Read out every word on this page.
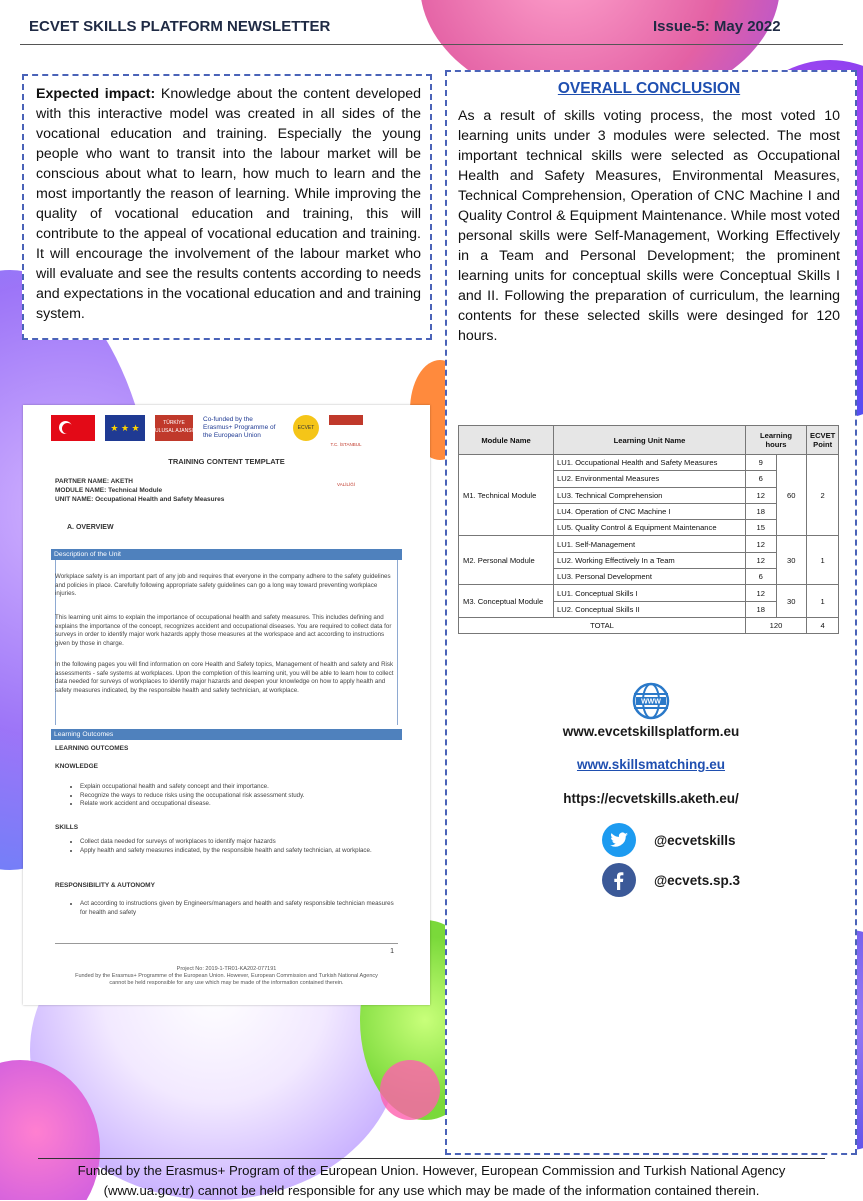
ECVET SKILLS PLATFORM NEWSLETTER	Issue-5: May 2022

Expected impact: Knowledge about the content developed with this interactive model was created in all sides of the vocational education and training. Especially the young people who want to transit into the labour market will be conscious about what to learn, how much to learn and the most importantly the reason of learning. While improving the quality of vocational education and training, this will contribute to the appeal of vocational education and training. It will encourage the involvement of the labour market who will evaluate and see the results contents according to needs and expectations in the vocational education and and training system.

OVERALL CONCLUSION

As a result of skills voting process, the most voted 10 learning units under 3 modules were selected. The most important technical skills were selected as Occupational Health and Safety Measures, Environmental Measures, Technical Comprehension, Operation of CNC Machine I and Quality Control & Equipment Maintenance. While most voted personal skills were Self-Management, Working Effectively in a Team and Personal Development; the prominent learning units for conceptual skills were Conceptual Skills I and II. Following the preparation of curriculum, the learning contents for these selected skills were desinged for 120 hours.

★ ★ ★	TÜRKİYE ULUSAL AJANSI
Co-funded by the Erasmus+ Programme of the European Union
ECVET
T.C. İSTANBUL VALİLİĞİ
TRAINING CONTENT TEMPLATE
PARTNER NAME: AKETH
MODULE NAME: Technical Module
UNIT NAME: Occupational Health and Safety Measures
A. OVERVIEW
Description of the Unit
Workplace safety is an important part of any job and requires that everyone in the company adhere to the safety guidelines and policies in place. Carefully following appropriate safety guidelines can go a long way toward preventing workplace injuries.
This learning unit aims to explain the importance of occupational health and safety measures. This includes defining and explains the importance of the concept, recognizes accident and occupational diseases. You are required to collect data for surveys in order to identify major work hazards apply those measures at the workspace and act according to instructions given by those in charge.
In the following pages you will find information on core Health and Safety topics, Management of health and safety and Risk assessments - safe systems at workplaces. Upon the completion of this learning unit, you will be able to learn how to collect data needed for surveys of workplaces to identify major hazards and deepen your knowledge on how to apply health and safety measures indicated, by the responsible health and safety technician, at workplace.
Learning Outcomes
LEARNING OUTCOMES
KNOWLEDGE
• Explain occupational health and safety concept and their importance.
• Recognize the ways to reduce risks using the occupational risk assessment study.
• Relate work accident and occupational disease.
SKILLS
• Collect data needed for surveys of workplaces to identify major hazards
• Apply health and safety measures indicated, by the responsible health and safety technician, at workplace.
RESPONSIBILITY & AUTONOMY
• Act according to instructions given by Engineers/managers and health and safety responsible technician measures for health and safety
1
Project No: 2019-1-TR01-KA202-077191
Funded by the Erasmus+ Programme of the European Union. However, European Commission and Turkish National Agency cannot be held responsible for any use which may be made of the information contained therein.
Module Name	Learning Unit Name	Learning hours		ECVET Point
M1. Technical Module	LU1. Occupational Health and Safety Measures	9	60	2
	LU2. Environmental Measures	6		
	LU3. Technical Comprehension	12		
	LU4. Operation of CNC Machine I	18		
	LU5. Quality Control & Equipment Maintenance	15		
M2. Personal Module	LU1. Self-Management	12	30	1
	LU2. Working Effectively In a Team	12		
	LU3. Personal Development	6		
M3. Conceptual Module	LU1. Conceptual Skills I	12	30	1
	LU2. Conceptual Skills II	18		
TOTAL		120		4
WWW
www.evcetskillsplatform.eu
www.skillsmatching.eu
https://ecvetskills.aketh.eu/
@ecvetskills
@ecvets.sp.3
Funded by the Erasmus+ Program of the European Union. However, European Commission and Turkish National Agency
(www.ua.gov.tr) cannot be held responsible for any use which may be made of the information contained therein.
